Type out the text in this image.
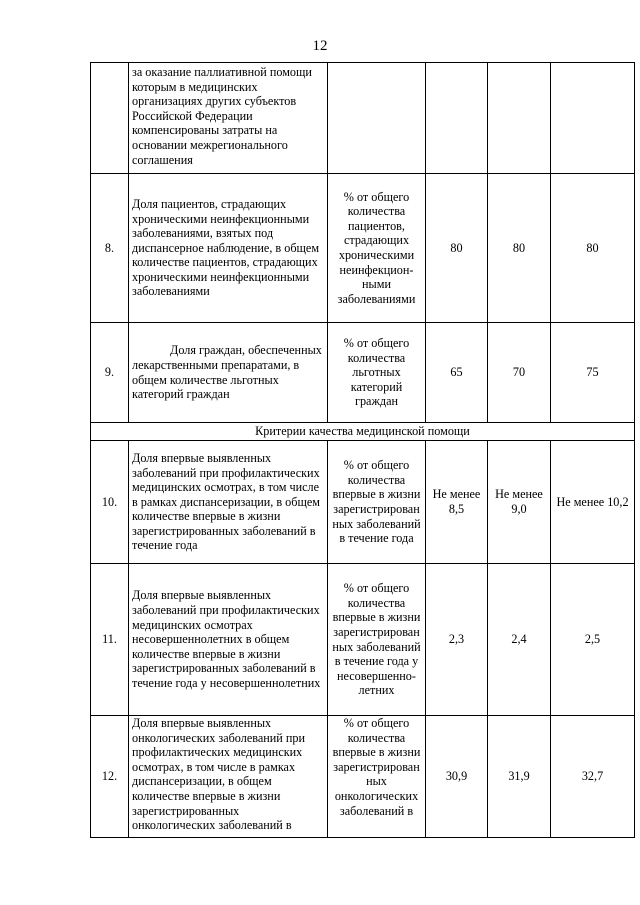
12
	за оказание паллиативной помощи которым в медицинских организациях других субъектов Российской Федерации компенсированы затраты на основании межрегионального соглашения				
8.	Доля пациентов, страдающих хроническими неинфекционными заболеваниями, взятых под диспансерное наблюдение, в общем количестве пациентов, страдающих хроническими неинфекционными заболеваниями	% от общего количества пациентов, страдающих хроническими неинфекцион-ными заболеваниями	80	80	80
9.	Доля граждан, обеспеченных лекарственными препаратами, в общем количестве льготных категорий граждан	% от общего количества льготных категорий граждан	65	70	75
Критерии качества медицинской помощи					
10.	Доля впервые выявленных заболеваний при профилактических медицинских осмотрах, в том числе в рамках диспансеризации, в общем количестве впервые в жизни зарегистрированных заболеваний в течение года	% от общего количества впервые в жизни зарегистрирован ных заболеваний в течение года	Не менее 8,5	Не менее 9,0	Не менее 10,2
11.	Доля впервые выявленных заболеваний при профилактических медицинских осмотрах несовершеннолетних в общем количестве впервые в жизни зарегистрированных заболеваний в течение года у несовершеннолетних	% от общего количества впервые в жизни зарегистрирован ных заболеваний в течение года у несовершенно-летних	2,3	2,4	2,5
12.	Доля впервые выявленных онкологических заболеваний при профилактических медицинских осмотрах, в том числе в рамках диспансеризации, в общем количестве впервые в жизни зарегистрированных онкологических заболеваний в	% от общего количества впервые в жизни зарегистрирован ных онкологических заболеваний в	30,9	31,9	32,7
